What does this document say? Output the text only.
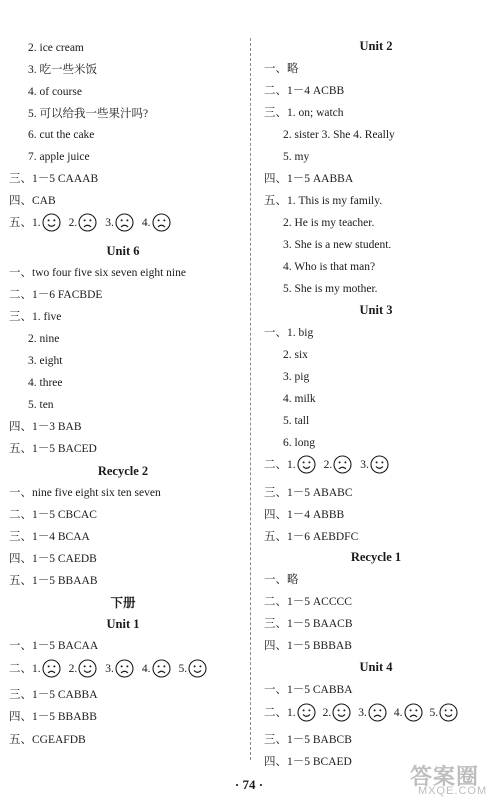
2. ice cream
3. 吃一些米饭
4. of course
5. 可以给我一些果汁吗?
6. cut the cake
7. apple juice
三、1－5 CAAAB
四、CAB
五、1. 2. 3. 4.
Unit 6
一、two four five six seven eight nine
二、1－6 FACBDE
三、1. five
2. nine
3. eight
4. three
5. ten
四、1－3 BAB
五、1－5 BACED
Recycle 2
一、nine five eight six ten seven
二、1－5 CBCAC
三、1－4 BCAA
四、1－5 CAEDB
五、1－5 BBAAB
下册
Unit 1
一、1－5 BACAA
二、1. 2. 3. 4. 5.
三、1－5 CABBA
四、1－5 BBABB
五、CGEAFDB
Unit 2
一、略
二、1－4 ACBB
三、1. on; watch
2. sister 3. She 4. Really
5. my
四、1－5 AABBA
五、1. This is my family.
2. He is my teacher.
3. She is a new student.
4. Who is that man?
5. She is my mother.
Unit 3
一、1. big
2. six
3. pig
4. milk
5. tall
6. long
二、1. 2. 3.
三、1－5 ABABC
四、1－4 ABBB
五、1－6 AEBDFC
Recycle 1
一、略
二、1－5 ACCCC
三、1－5 BAACB
四、1－5 BBBAB
Unit 4
一、1－5 CABBA
二、1. 2. 3. 4. 5.
三、1－5 BABCB
四、1－5 BCAED
· 74 ·	答案圈
MXQE.COM
